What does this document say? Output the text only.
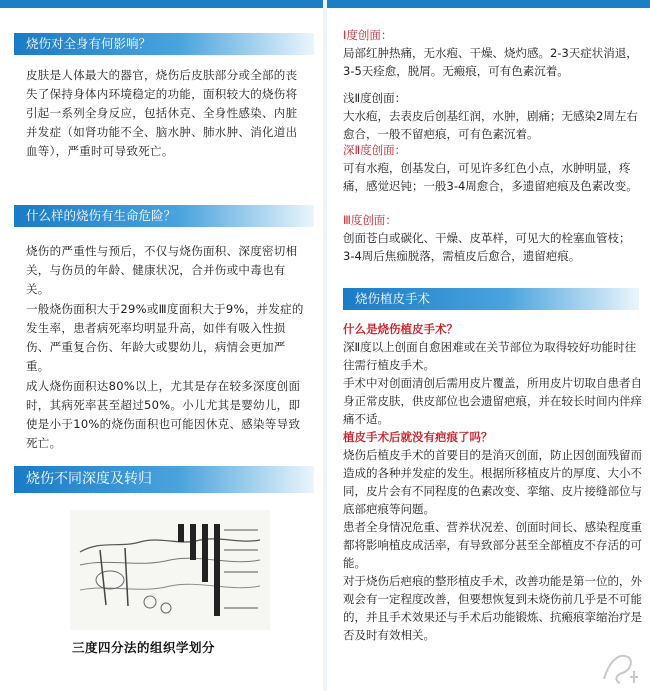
烧伤对全身有何影响？

皮肤是人体最大的器官，烧伤后皮肤部分或全部的丧失了保持身体内环境稳定的功能，面积较大的烧伤将引起一系列全身反应，包括休克、全身性感染、内脏并发症（如肾功能不全、脑水肿、肺水肿、消化道出血等），严重时可导致死亡。

什么样的烧伤有生命危险？

烧伤的严重性与预后，不仅与烧伤面积、深度密切相关，与伤员的年龄、健康状况，合并伤或中毒也有关。

一般烧伤面积大于29%或Ⅲ度面积大于9%，并发症的发生率，患者病死率均明显升高，如伴有吸入性损伤、严重复合伤、年龄大或婴幼儿，病情会更加严重。

成人烧伤面积达80%以上，尤其是存在较多深度创面时，其病死率甚至超过50%。小儿尤其是婴幼儿，即使是小于10%的烧伤面积也可能因休克、感染等导致死亡。

烧伤不同深度及转归
三度四分法的组织学划分

Ⅰ度创面：

局部红肿热痛，无水疱、干燥、烧灼感。2-3天症状消退，3-5天痊愈，脱屑。无瘢痕，可有色素沉着。

浅Ⅱ度创面：

大水疱，去表皮后创基红润，水肿，剧痛；无感染2周左右愈合，一般不留疤痕，可有色素沉着。

深Ⅱ度创面：

可有水疱，创基发白，可见许多红色小点，水肿明显，疼痛，感觉迟钝；一般3-4周愈合，多遗留疤痕及色素改变。

Ⅲ度创面：

创面苍白或碳化、干燥、皮革样，可见大的栓塞血管枝；3-4周后焦痂脱落，需植皮后愈合，遗留疤痕。

烧伤植皮手术

什么是烧伤植皮手术？

深Ⅱ度以上创面自愈困难或在关节部位为取得较好功能时往往需行植皮手术。

手术中对创面清创后需用皮片覆盖，所用皮片切取自患者自身正常皮肤，供皮部位也会遗留疤痕，并在较长时间内伴痒痛不适。

植皮手术后就没有疤痕了吗？

烧伤后植皮手术的首要目的是消灭创面，防止因创面残留而造成的各种并发症的发生。根据所移植皮片的厚度、大小不同，皮片会有不同程度的色素改变、挛缩、皮片接缝部位与底部疤痕等问题。

患者全身情况危重、营养状况差、创面时间长、感染程度重都将影响植皮成活率，有导致部分甚至全部植皮不存活的可能。

对于烧伤后疤痕的整形植皮手术，改善功能是第一位的，外观会有一定程度改善，但要想恢复到未烧伤前几乎是不可能的，并且手术效果还与手术后功能锻炼、抗瘢痕挛缩治疗是否及时有效相关。
